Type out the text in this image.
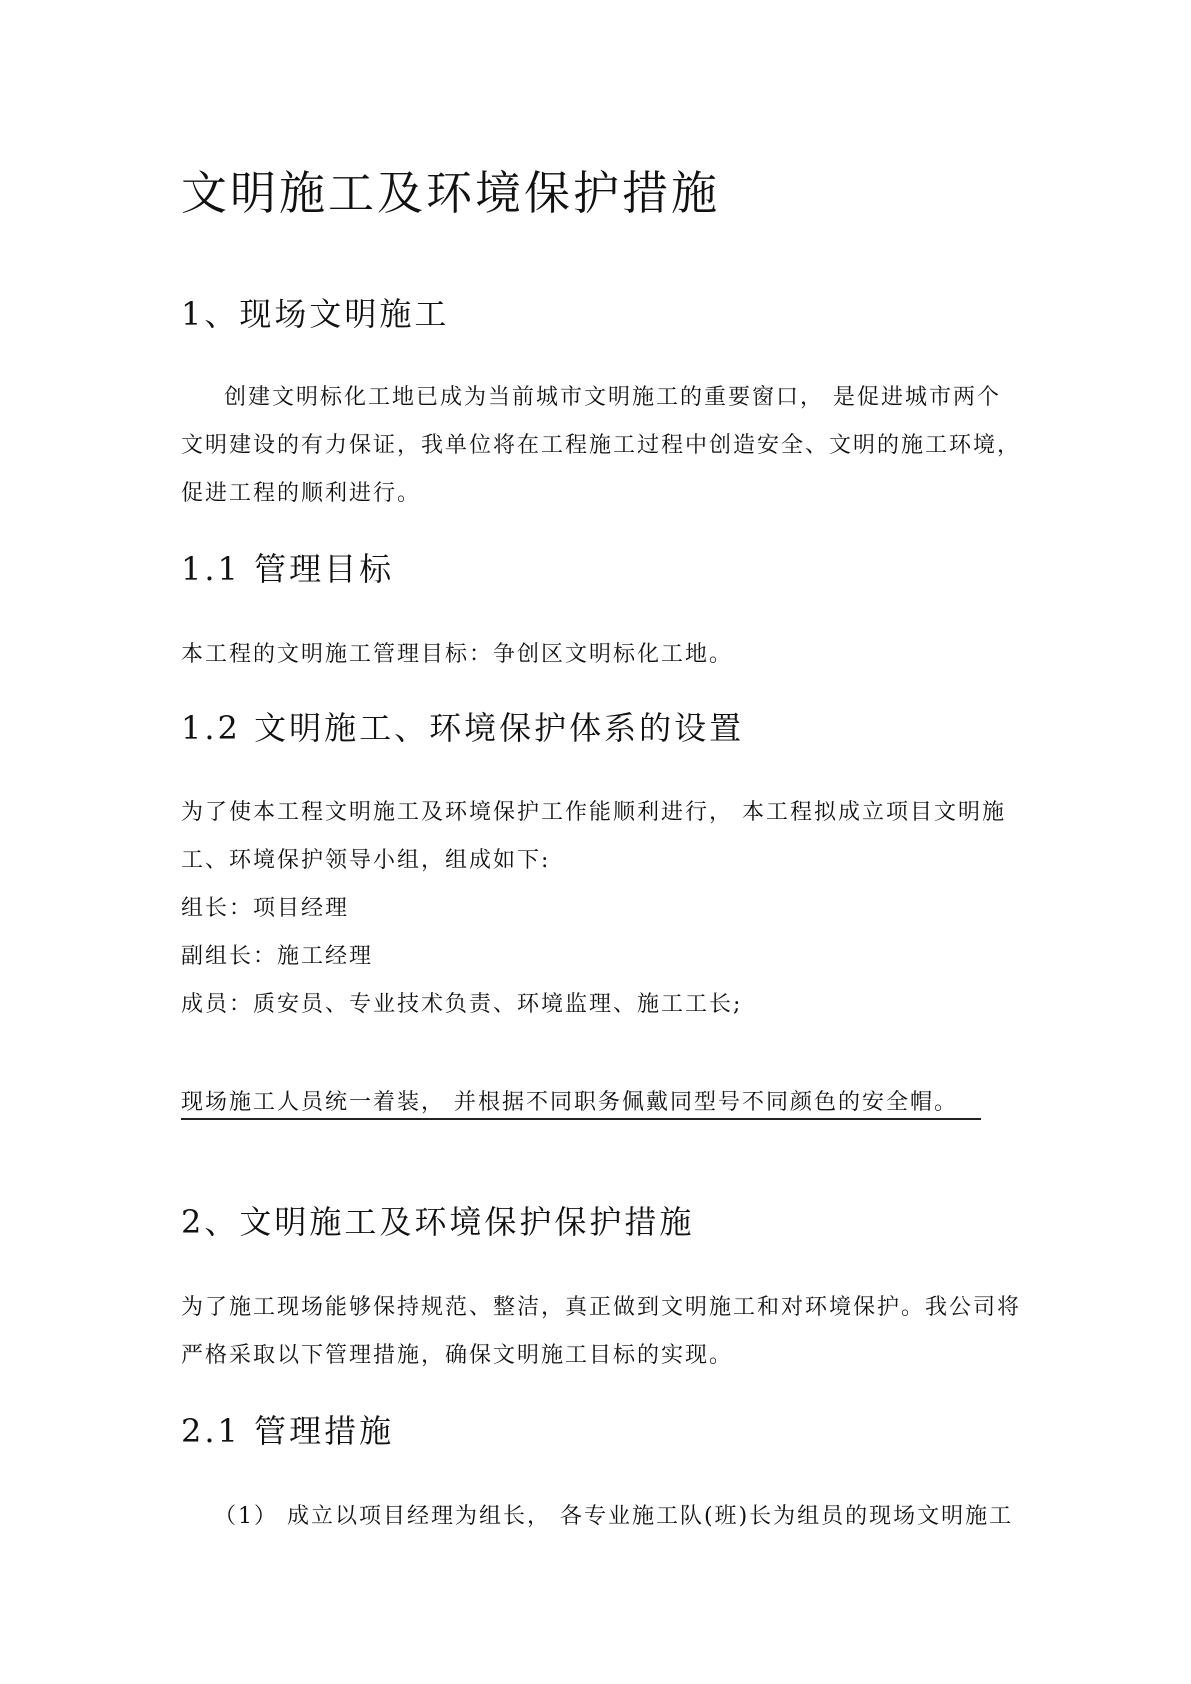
文明施工及环境保护措施
1、现场文明施工
创建文明标化工地已成为当前城市文明施工的重要窗口， 是促进城市两个
文明建设的有力保证，我单位将在工程施工过程中创造安全、文明的施工环境，
促进工程的顺利进行。
1.1 管理目标
本工程的文明施工管理目标：争创区文明标化工地。
1.2 文明施工、环境保护体系的设置
为了使本工程文明施工及环境保护工作能顺利进行， 本工程拟成立项目文明施
工、环境保护领导小组，组成如下:
组长：项目经理
副组长：施工经理
成员：质安员、专业技术负责、环境监理、施工工长;
现场施工人员统一着装， 并根据不同职务佩戴同型号不同颜色的安全帽。
2、文明施工及环境保护保护措施
为了施工现场能够保持规范、整洁，真正做到文明施工和对环境保护。我公司将
严格采取以下管理措施，确保文明施工目标的实现。
2.1 管理措施
（1） 成立以项目经理为组长， 各专业施工队(班)长为组员的现场文明施工
